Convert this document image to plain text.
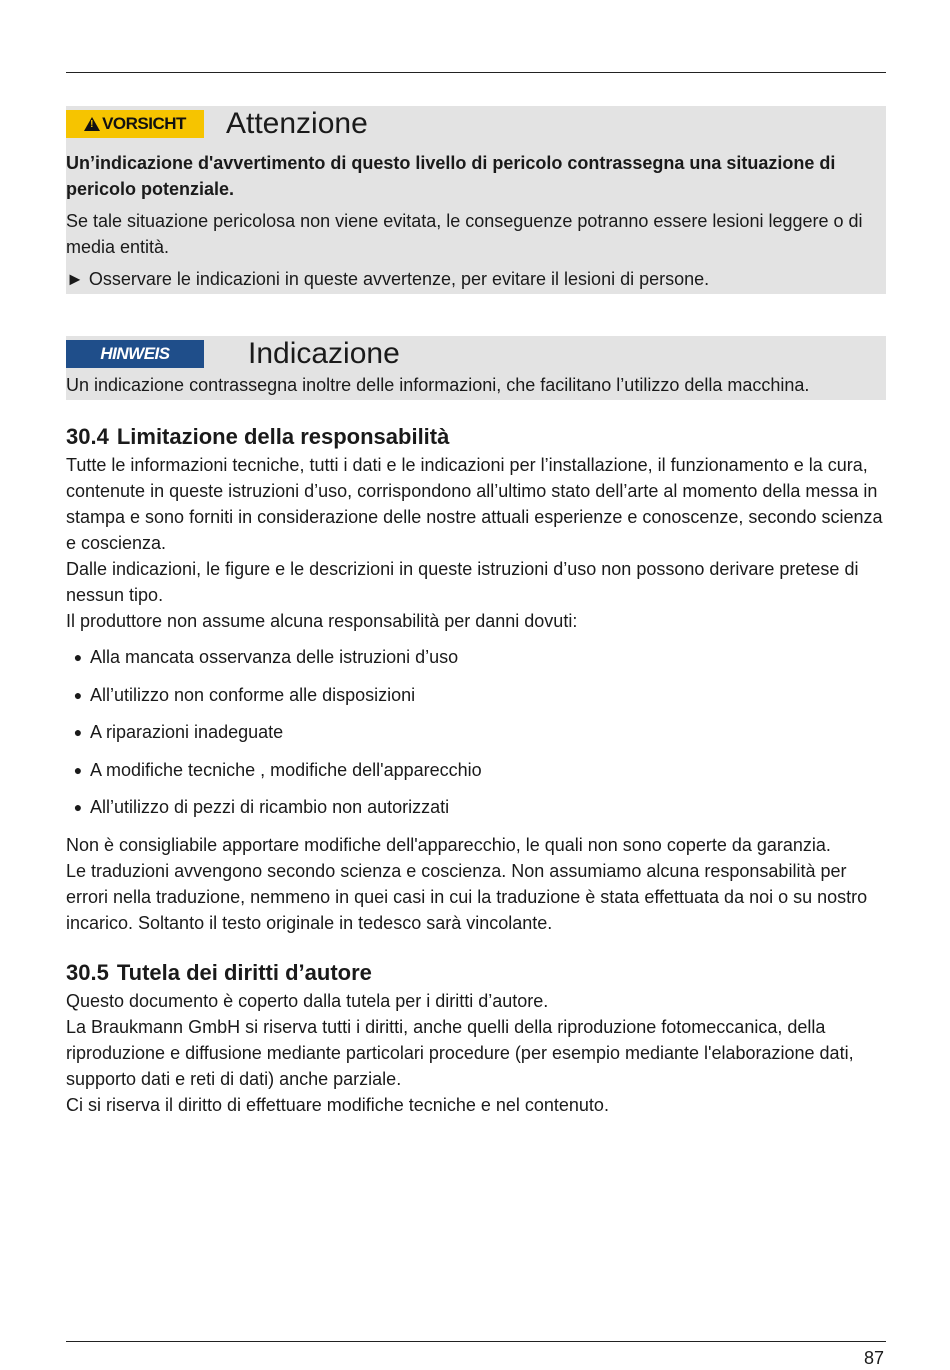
!
VORSICHT Attenzione

Un’indicazione d'avvertimento di questo livello di pericolo contrassegna una situazione di pericolo potenziale.

Se tale situazione pericolosa non viene evitata, le conseguenze potranno essere lesioni leggere o di media entità.

► Osservare le indicazioni in queste avvertenze, per evitare il lesioni di persone.

HINWEIS	Indicazione

Un indicazione contrassegna inoltre delle informazioni, che facilitano l’utilizzo della macchina.

30.4 Limitazione della responsabilità

Tutte le informazioni tecniche, tutti i dati e le indicazioni per l’installazione, il funzionamento e la cura, contenute in queste istruzioni d’uso, corrispondono all’ultimo stato dell’arte al momento della messa in stampa e sono forniti in considerazione delle nostre attuali esperienze e conoscenze, secondo scienza e coscienza.

Dalle indicazioni, le figure e le descrizioni in queste istruzioni d’uso non possono derivare pretese di nessun tipo.

Il produttore non assume alcuna responsabilità per danni dovuti:

● Alla mancata osservanza delle istruzioni d’uso
● All’utilizzo non conforme alle disposizioni
● A riparazioni inadeguate
● A modifiche tecniche , modifiche dell'apparecchio
● All’utilizzo di pezzi di ricambio non autorizzati

Non è consigliabile apportare modifiche dell'apparecchio, le quali non sono coperte da garanzia.

Le traduzioni avvengono secondo scienza e coscienza. Non assumiamo alcuna responsabilità per errori nella traduzione, nemmeno in quei casi in cui la traduzione è stata effettuata da noi o su nostro incarico. Soltanto il testo originale in tedesco sarà vincolante.

30.5 Tutela dei diritti d’autore

Questo documento è coperto dalla tutela per i diritti d’autore.

La Braukmann GmbH si riserva tutti i diritti, anche quelli della riproduzione fotomeccanica, della riproduzione e diffusione mediante particolari procedure (per esempio mediante l'elaborazione dati, supporto dati e reti di dati) anche parziale.

Ci si riserva il diritto di effettuare modifiche tecniche e nel contenuto.

87
